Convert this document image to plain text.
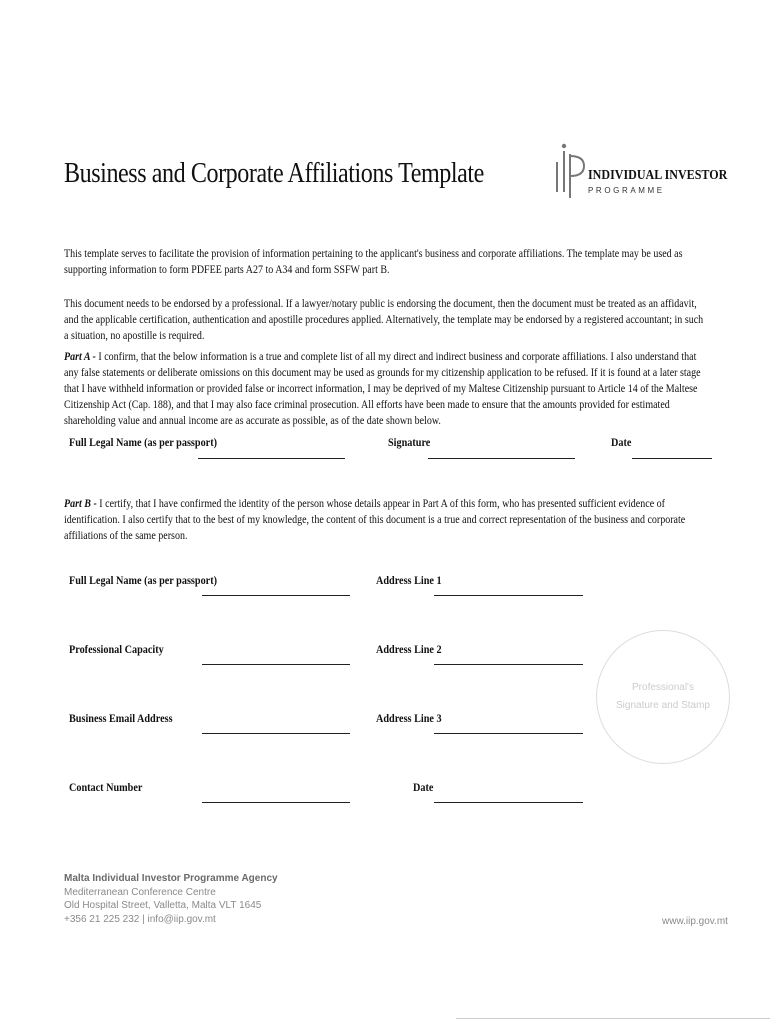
Business and Corporate Affiliations Template	INDIVIDUAL INVESTOR
PROGRAMME
This template serves to facilitate the provision of information pertaining to the applicant's business and corporate affiliations. The template may be used as supporting information to form PDFEE parts A27 to A34 and form SSFW part B.
This document needs to be endorsed by a professional. If a lawyer/notary public is endorsing the document, then the document must be treated as an affidavit, and the applicable certification, authentication and apostille procedures applied. Alternatively, the template may be endorsed by a registered accountant; in such a situation, no apostille is required.
Part A - I confirm, that the below information is a true and complete list of all my direct and indirect business and corporate affiliations. I also understand that any false statements or deliberate omissions on this document may be used as grounds for my citizenship application to be refused. If it is found at a later stage that I have withheld information or provided false or incorrect information, I may be deprived of my Maltese Citizenship pursuant to Article 14 of the Maltese Citizenship Act (Cap. 188), and that I may also face criminal prosecution. All efforts have been made to ensure that the amounts provided for estimated shareholding value and annual income are as accurate as possible, as of the date shown below.
Full Legal Name (as per passport)	Signature	Date
Part B - I certify, that I have confirmed the identity of the person whose details appear in Part A of this form, who has presented sufficient evidence of identification. I also certify that to the best of my knowledge, the content of this document is a true and correct representation of the business and corporate affiliations of the same person.
Full Legal Name (as per passport)	Address Line 1
Professional Capacity	Address Line 2
Business Email Address	Address Line 3
Contact Number	Date
Professional's
Signature and Stamp
Malta Individual Investor Programme Agency
Mediterranean Conference Centre
Old Hospital Street, Valletta, Malta VLT 1645
+356 21 225 232 | info@iip.gov.mt	www.iip.gov.mt
